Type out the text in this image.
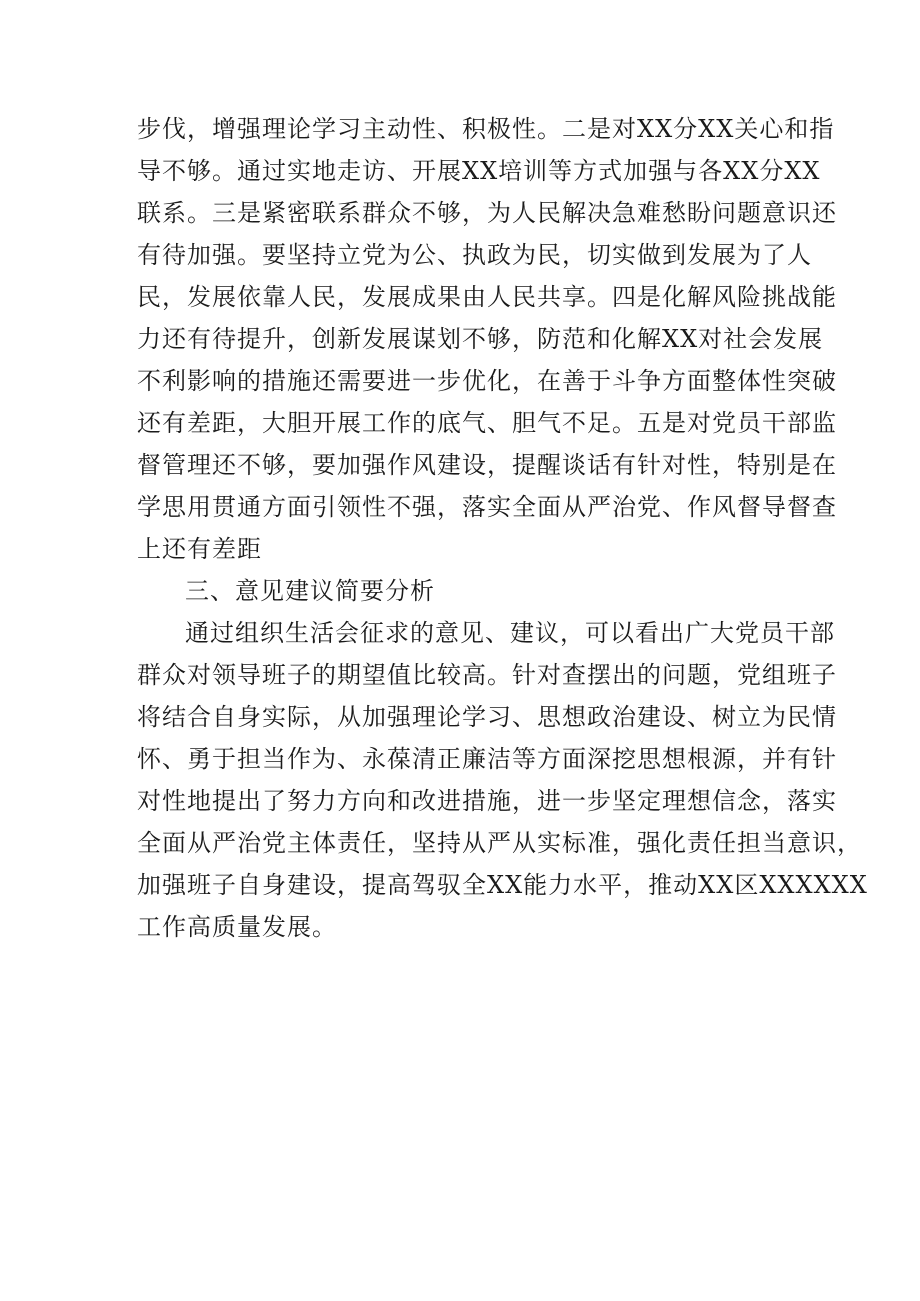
步伐，增强理论学习主动性、积极性。二是对XX分XX关心和指
导不够。通过实地走访、开展XX培训等方式加强与各XX分XX
联系。三是紧密联系群众不够，为人民解决急难愁盼问题意识还
有待加强。要坚持立党为公、执政为民，切实做到发展为了人
民，发展依靠人民，发展成果由人民共享。四是化解风险挑战能
力还有待提升，创新发展谋划不够，防范和化解XX对社会发展
不利影响的措施还需要进一步优化，在善于斗争方面整体性突破
还有差距，大胆开展工作的底气、胆气不足。五是对党员干部监
督管理还不够，要加强作风建设，提醒谈话有针对性，特别是在
学思用贯通方面引领性不强，落实全面从严治党、作风督导督查
上还有差距
三、意见建议简要分析
通过组织生活会征求的意见、建议，可以看出广大党员干部
群众对领导班子的期望值比较高。针对查摆出的问题，党组班子
将结合自身实际，从加强理论学习、思想政治建设、树立为民情
怀、勇于担当作为、永葆清正廉洁等方面深挖思想根源，并有针
对性地提出了努力方向和改进措施，进一步坚定理想信念，落实
全面从严治党主体责任，坚持从严从实标准，强化责任担当意识，
加强班子自身建设，提高驾驭全XX能力水平，推动XX区XXXXXX
工作高质量发展。
